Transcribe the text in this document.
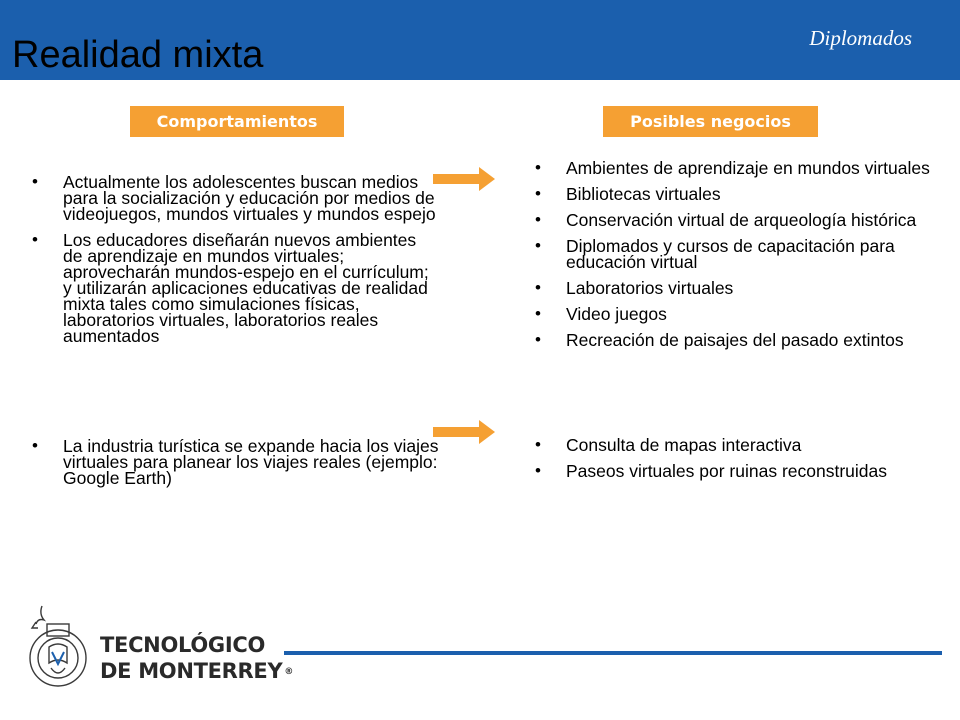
Realidad mixta	Diplomados
Comportamientos	Posibles negocios
• Actualmente los adolescentes buscan medios para la socialización y educación por medios de videojuegos, mundos virtuales y mundos espejo
• Los educadores diseñarán nuevos ambientes de aprendizaje en mundos virtuales; aprovecharán mundos-espejo en el currículum; y utilizarán aplicaciones educativas de realidad mixta tales como simulaciones físicas, laboratorios virtuales, laboratorios reales aumentados
• La industria turística se expande hacia los viajes virtuales para planear los viajes reales (ejemplo: Google Earth)
• Ambientes de aprendizaje en mundos virtuales
• Bibliotecas virtuales
• Conservación virtual de arqueología histórica
• Diplomados y cursos de capacitación para educación virtual
• Laboratorios virtuales
• Video juegos
• Recreación de paisajes del pasado extintos
• Consulta de mapas interactiva
• Paseos virtuales por ruinas reconstruidas
TECNOLÓGICO
DE MONTERREY ®
